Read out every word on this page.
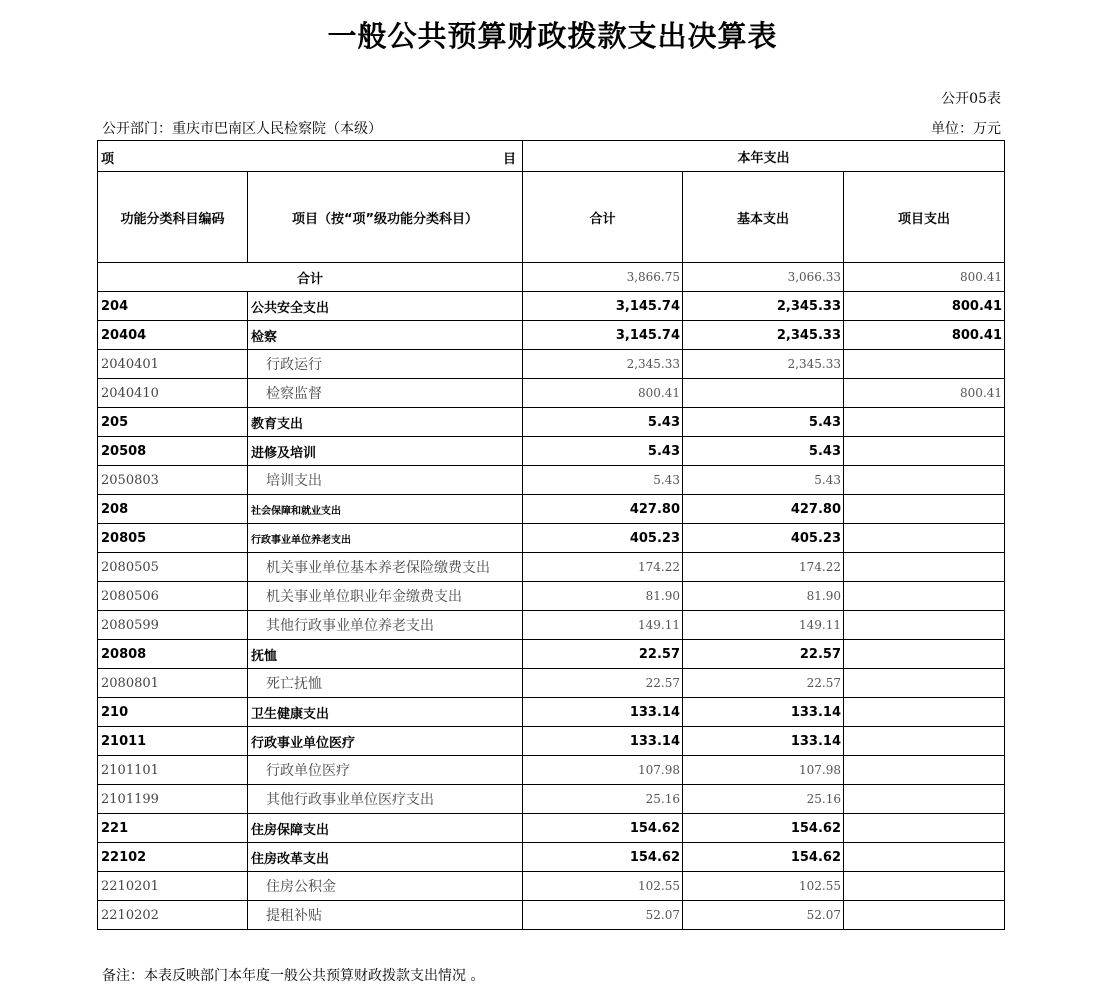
一般公共预算财政拨款支出决算表
公开05表
公开部门：重庆市巴南区人民检察院（本级）	单位：万元
项 目		本年支出		
功能分类科目编码	项目（按“项”级功能分类科目）	合计	基本支出	项目支出
合计		3,866.75	3,066.33	800.41
204	公共安全支出	3,145.74	2,345.33	800.41
20404	检察	3,145.74	2,345.33	800.41
2040401	行政运行	2,345.33	2,345.33	
2040410	检察监督	800.41		800.41
205	教育支出	5.43	5.43	
20508	进修及培训	5.43	5.43	
2050803	培训支出	5.43	5.43	
208	社会保障和就业支出	427.80	427.80	
20805	行政事业单位养老支出	405.23	405.23	
2080505	机关事业单位基本养老保险缴费支出	174.22	174.22	
2080506	机关事业单位职业年金缴费支出	81.90	81.90	
2080599	其他行政事业单位养老支出	149.11	149.11	
20808	抚恤	22.57	22.57	
2080801	死亡抚恤	22.57	22.57	
210	卫生健康支出	133.14	133.14	
21011	行政事业单位医疗	133.14	133.14	
2101101	行政单位医疗	107.98	107.98	
2101199	其他行政事业单位医疗支出	25.16	25.16	
221	住房保障支出	154.62	154.62	
22102	住房改革支出	154.62	154.62	
2210201	住房公积金	102.55	102.55	
2210202	提租补贴	52.07	52.07	
备注：本表反映部门本年度一般公共预算财政拨款支出情况 。
